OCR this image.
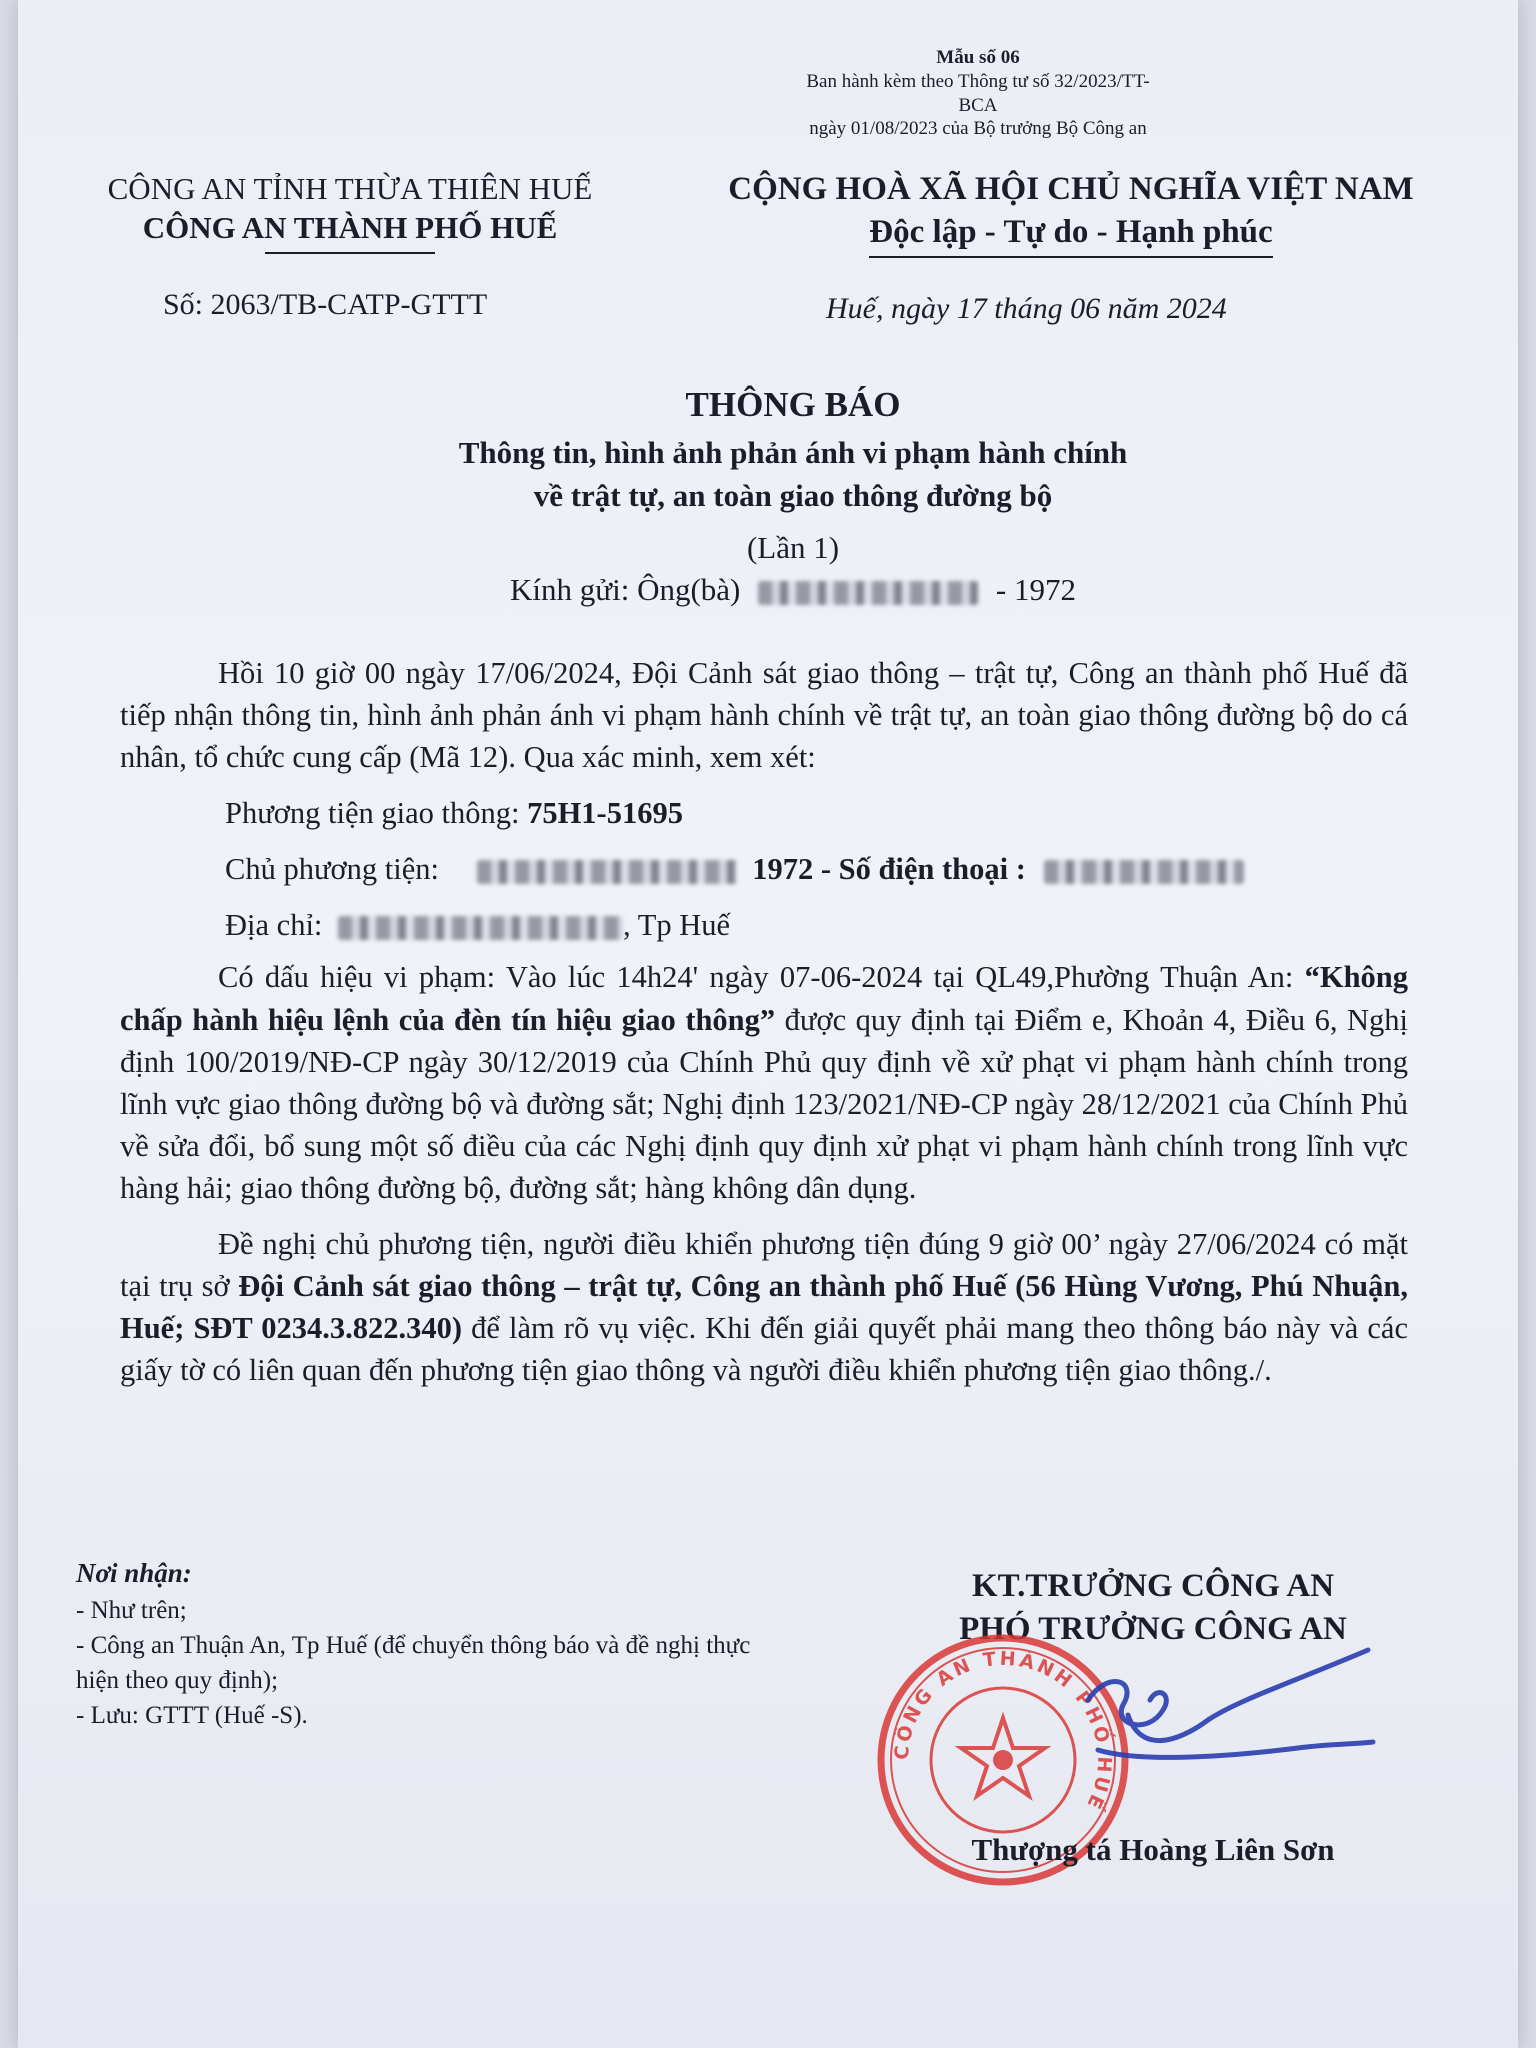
Mẫu số 06
Ban hành kèm theo Thông tư số 32/2023/TT-BCA
ngày 01/08/2023 của Bộ trưởng Bộ Công an
CÔNG AN TỈNH THỪA THIÊN HUẾ
CÔNG AN THÀNH PHỐ HUẾ
CỘNG HOÀ XÃ HỘI CHỦ NGHĨA VIỆT NAM
Độc lập - Tự do - Hạnh phúc
Số: 2063/TB-CATP-GTTT	Huế, ngày 17 tháng 06 năm 2024
THÔNG BÁO
Thông tin, hình ảnh phản ánh vi phạm hành chính
về trật tự, an toàn giao thông đường bộ
(Lần 1)
Kính gửi: Ông(bà)	- 1972

Hồi 10 giờ 00 ngày 17/06/2024, Đội Cảnh sát giao thông – trật tự, Công an thành phố Huế đã tiếp nhận thông tin, hình ảnh phản ánh vi phạm hành chính về trật tự, an toàn giao thông đường bộ do cá nhân, tổ chức cung cấp (Mã 12). Qua xác minh, xem xét:

Phương tiện giao thông: 75H1-51695

Chủ phương tiện:	1972 - Số điện thoại :

Địa chỉ:	, Tp Huế

Có dấu hiệu vi phạm: Vào lúc 14h24' ngày 07-06-2024 tại QL49,Phường Thuận An: “Không chấp hành hiệu lệnh của đèn tín hiệu giao thông” được quy định tại Điểm e, Khoản 4, Điều 6, Nghị định 100/2019/NĐ-CP ngày 30/12/2019 của Chính Phủ quy định về xử phạt vi phạm hành chính trong lĩnh vực giao thông đường bộ và đường sắt; Nghị định 123/2021/NĐ-CP ngày 28/12/2021 của Chính Phủ về sửa đổi, bổ sung một số điều của các Nghị định quy định xử phạt vi phạm hành chính trong lĩnh vực hàng hải; giao thông đường bộ, đường sắt; hàng không dân dụng.

Đề nghị chủ phương tiện, người điều khiển phương tiện đúng 9 giờ 00’ ngày 27/06/2024 có mặt tại trụ sở Đội Cảnh sát giao thông – trật tự, Công an thành phố Huế (56 Hùng Vương, Phú Nhuận, Huế; SĐT 0234.3.822.340) để làm rõ vụ việc. Khi đến giải quyết phải mang theo thông báo này và các giấy tờ có liên quan đến phương tiện giao thông và người điều khiển phương tiện giao thông./.

Nơi nhận:
- Như trên;
- Công an Thuận An, Tp Huế (để chuyển thông báo và đề nghị thực hiện theo quy định);
- Lưu: GTTT (Huế -S).
KT.TRƯỞNG CÔNG AN
PHÓ TRƯỞNG CÔNG AN
CÔNG AN THÀNH PHỐ HUẾ
Thượng tá Hoàng Liên Sơn
